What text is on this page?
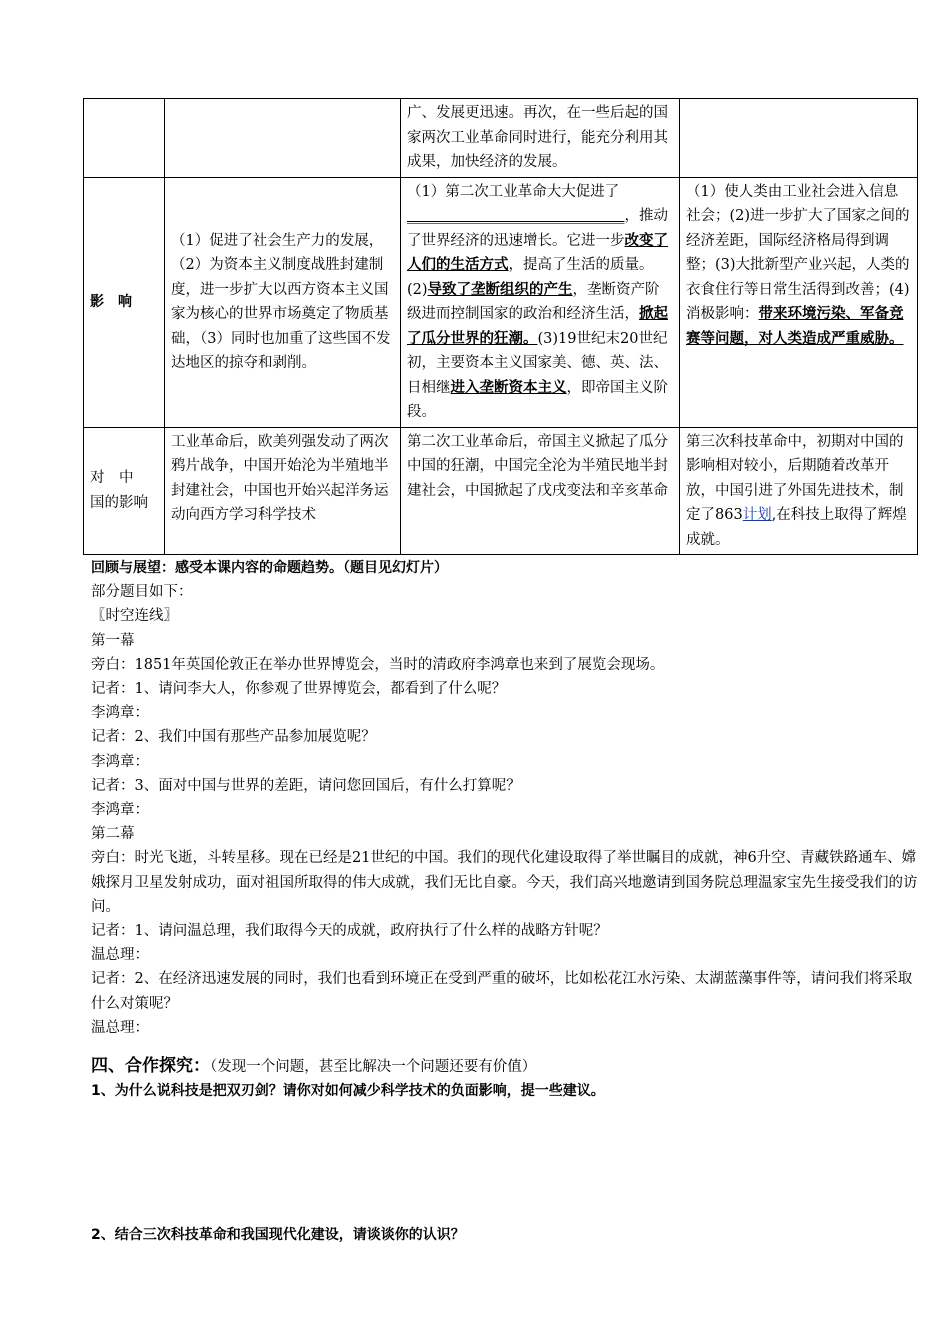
		广、发展更迅速。再次，在一些后起的国家两次工业革命同时进行，能充分利用其成果，加快经济的发展。	
影　响	（1）促进了社会生产力的发展，（2）为资本主义制度战胜封建制度，进一步扩大以西方资本主义国家为核心的世界市场奠定了物质基础，（3）同时也加重了这些国不发达地区的掠夺和剥削。	（1）第二次工业革命大大促进了______________________________，推动了世界经济的迅速增长。它进一步改变了人们的生活方式，提高了生活的质量。(2)导致了垄断组织的产生，垄断资产阶级进而控制国家的政治和经济生活，掀起了瓜分世界的狂潮。(3)19世纪末20世纪初，主要资本主义国家美、德、英、法、日相继进入垄断资本主义，即帝国主义阶段。	（1）使人类由工业社会进入信息社会；(2)进一步扩大了国家之间的经济差距，国际经济格局得到调整；(3)大批新型产业兴起，人类的衣食住行等日常生活得到改善；(4)消极影响：带来环境污染、军备竞赛等问题，对人类造成严重威胁。
对　中　国的影响	工业革命后，欧美列强发动了两次鸦片战争，中国开始沦为半殖地半封建社会，中国也开始兴起洋务运动向西方学习科学技术	第二次工业革命后，帝国主义掀起了瓜分中国的狂潮，中国完全沦为半殖民地半封建社会，中国掀起了戊戌变法和辛亥革命	第三次科技革命中，初期对中国的影响相对较小，后期随着改革开放，中国引进了外国先进技术，制定了863计划,在科技上取得了辉煌成就。
回顾与展望：感受本课内容的命题趋势。（题目见幻灯片）
部分题目如下：
〖时空连线〗
第一幕
旁白：1851年英国伦敦正在举办世界博览会，当时的清政府李鸿章也来到了展览会现场。
记者：1、请问李大人，你参观了世界博览会，都看到了什么呢？
李鸿章：
记者：2、我们中国有那些产品参加展览呢？
李鸿章：
记者：3、面对中国与世界的差距，请问您回国后，有什么打算呢？
李鸿章：
第二幕
旁白：时光飞逝，斗转星移。现在已经是21世纪的中国。我们的现代化建设取得了举世瞩目的成就，神6升空、青藏铁路通车、嫦娥探月卫星发射成功，面对祖国所取得的伟大成就，我们无比自豪。今天，我们高兴地邀请到国务院总理温家宝先生接受我们的访问。
记者：1、请问温总理，我们取得今天的成就，政府执行了什么样的战略方针呢？
温总理：
记者：2、在经济迅速发展的同时，我们也看到环境正在受到严重的破坏，比如松花江水污染、太湖蓝藻事件等，请问我们将采取什么对策呢？
温总理：
四、合作探究：（发现一个问题，甚至比解决一个问题还要有价值）
1、为什么说科技是把双刃剑？请你对如何减少科学技术的负面影响，提一些建议。
2、结合三次科技革命和我国现代化建设，请谈谈你的认识？
